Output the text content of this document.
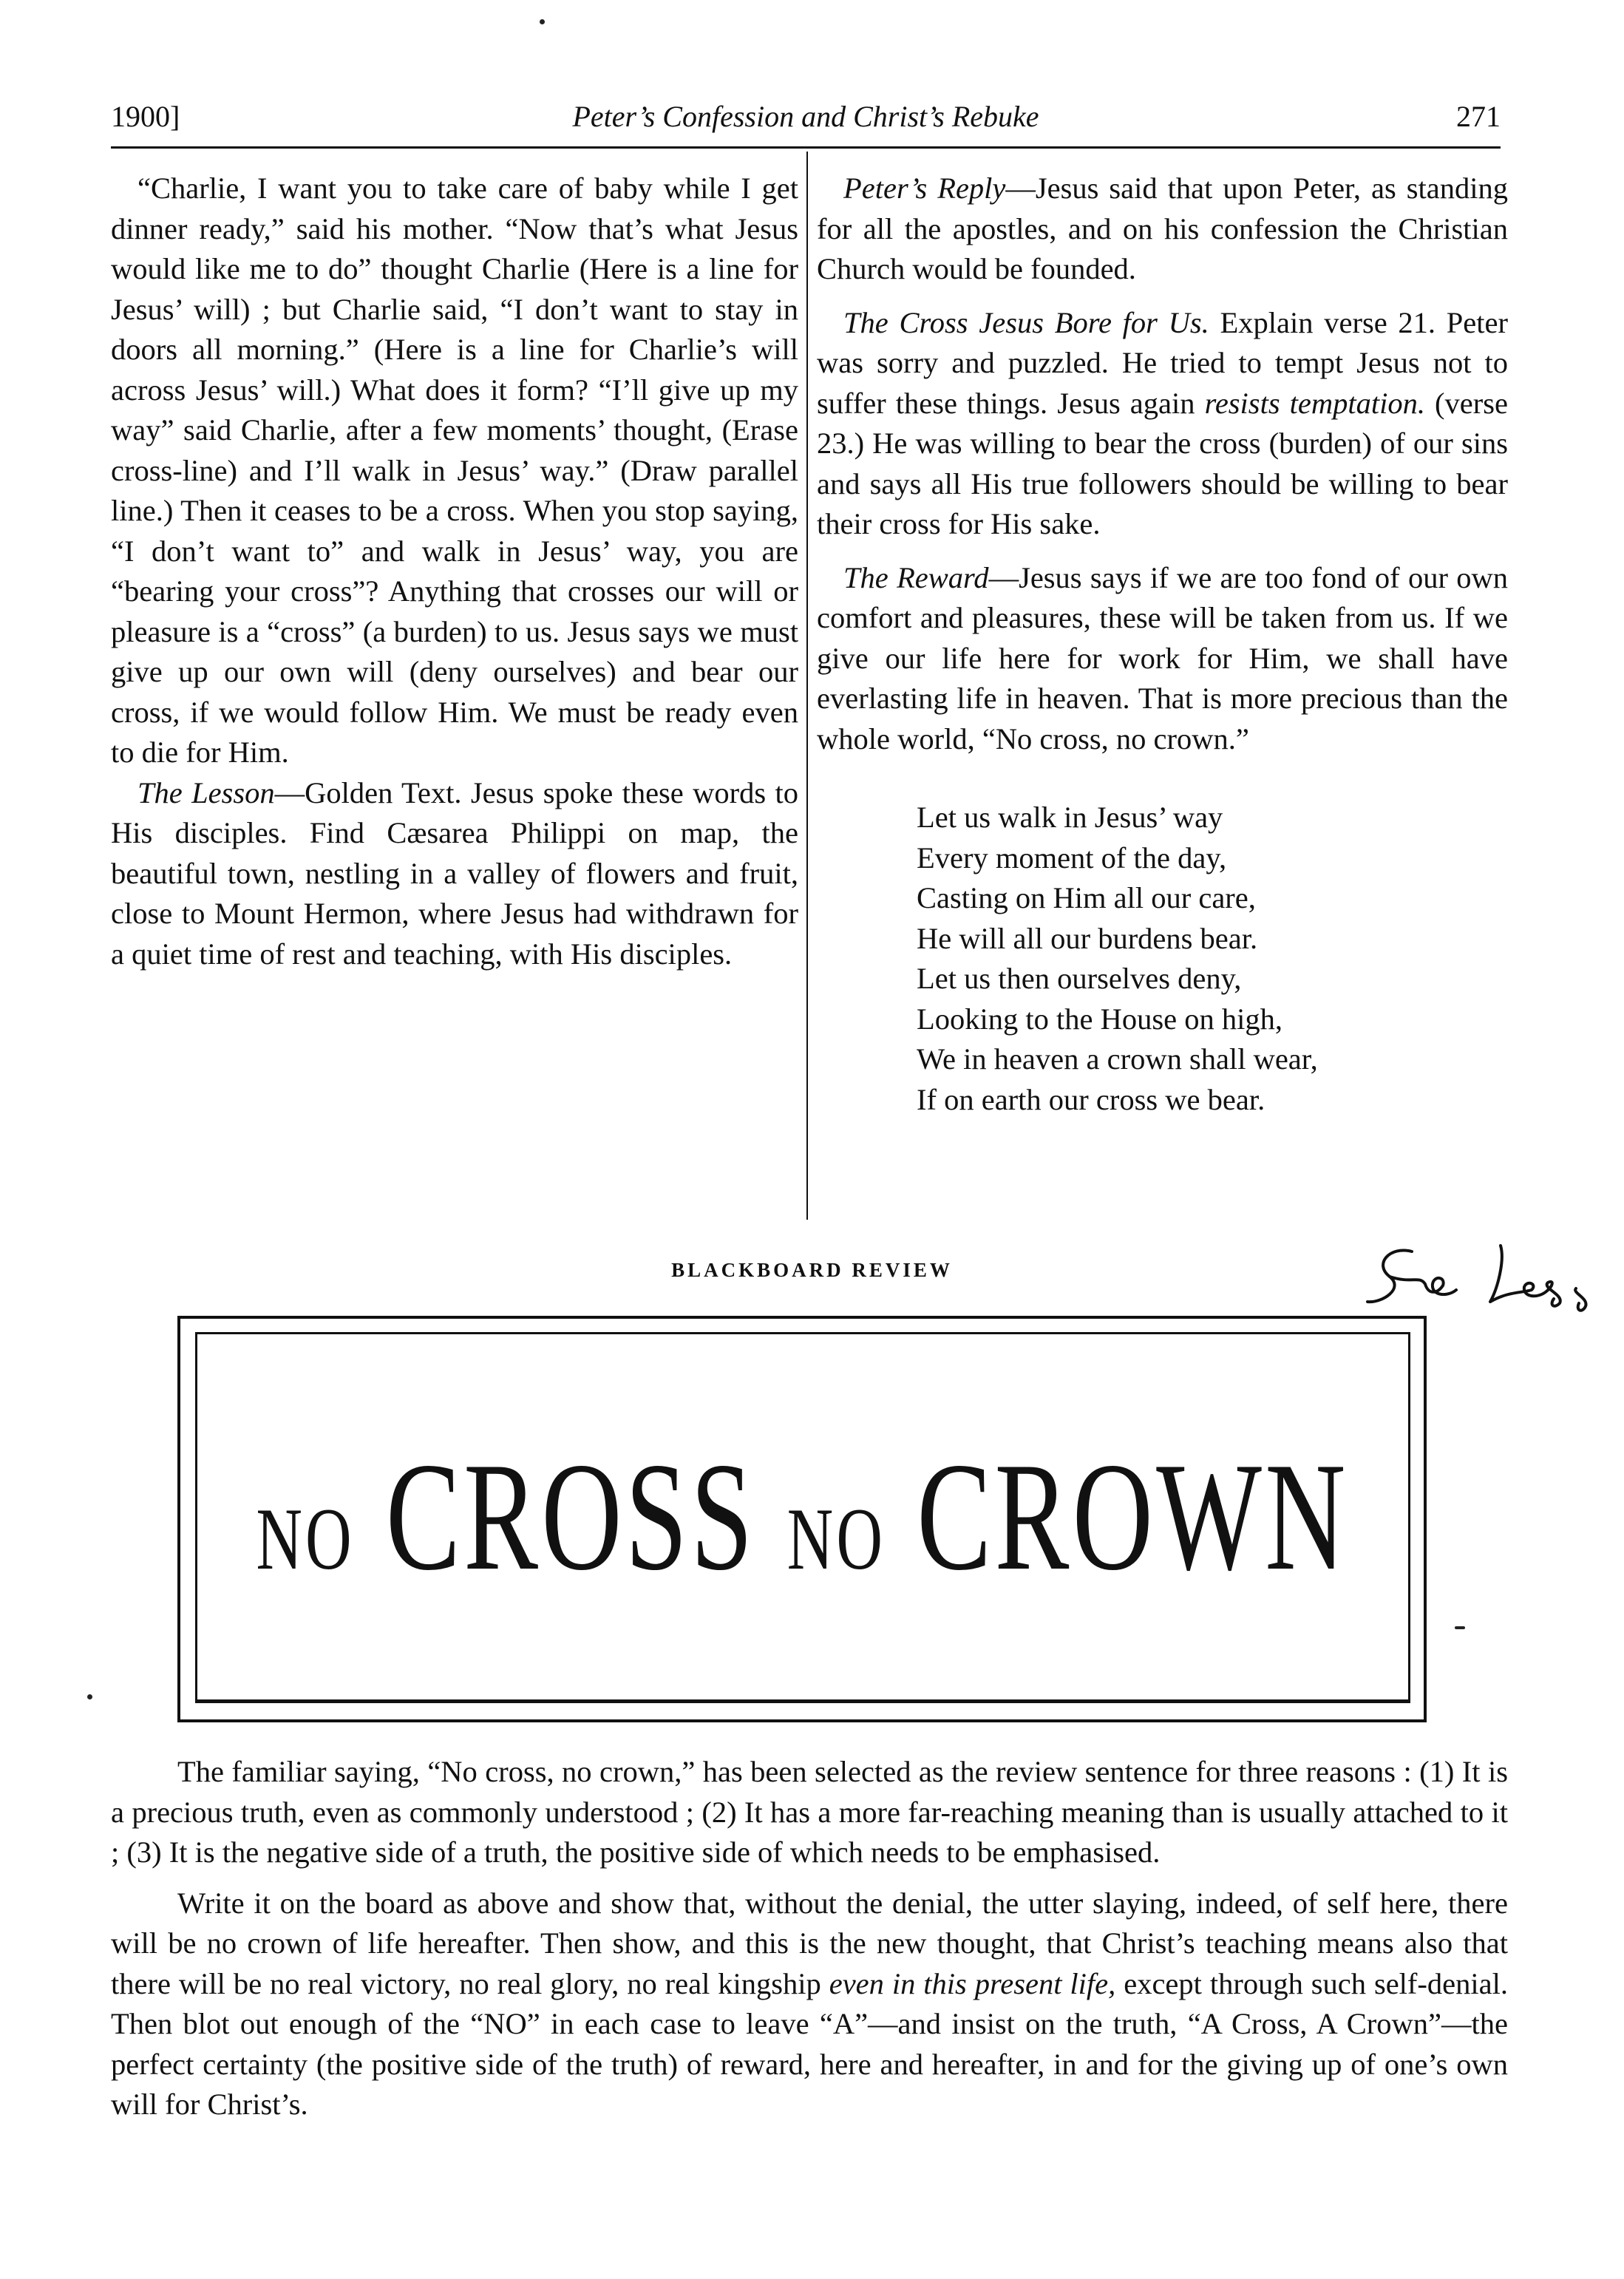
1900]	Peter’s Confession and Christ’s Rebuke	271

“Charlie, I want you to take care of baby while I get dinner ready,” said his mother. “Now that’s what Jesus would like me to do” thought Charlie (Here is a line for Jesus’ will) ; but Charlie said, “I don’t want to stay in doors all morning.” (Here is a line for Charlie’s will across Jesus’ will.) What does it form? “I’ll give up my way” said Charlie, after a few moments’ thought, (Erase cross-line) and I’ll walk in Jesus’ way.” (Draw parallel line.) Then it ceases to be a cross. When you stop saying, “I don’t want to” and walk in Jesus’ way, you are “bearing your cross”? Anything that crosses our will or pleasure is a “cross” (a burden) to us. Jesus says we must give up our own will (deny ourselves) and bear our cross, if we would follow Him. We must be ready even to die for Him.

The Lesson—Golden Text. Jesus spoke these words to His disciples. Find Cæsarea Philippi on map, the beautiful town, nestling in a valley of flowers and fruit, close to Mount Hermon, where Jesus had withdrawn for a quiet time of rest and teaching, with His disciples.

Peter’s Reply—Jesus said that upon Peter, as standing for all the apostles, and on his confession the Christian Church would be founded.

The Cross Jesus Bore for Us. Explain verse 21. Peter was sorry and puzzled. He tried to tempt Jesus not to suffer these things. Jesus again resists temptation. (verse 23.) He was willing to bear the cross (burden) of our sins and says all His true followers should be willing to bear their cross for His sake.

The Reward—Jesus says if we are too fond of our own comfort and pleasures, these will be taken from us. If we give our life here for work for Him, we shall have everlasting life in heaven. That is more precious than the whole world, “No cross, no crown.”

Let us walk in Jesus’ way
Every moment of the day,
Casting on Him all our care,
He will all our burdens bear.
Let us then ourselves deny,
Looking to the House on high,
We in heaven a crown shall wear,
If on earth our cross we bear.
BLACKBOARD REVIEW
NO CROSS NO CROWN

The familiar saying, “No cross, no crown,” has been selected as the review sentence for three reasons : (1) It is a precious truth, even as commonly understood ; (2) It has a more far-reaching meaning than is usually attached to it ; (3) It is the negative side of a truth, the positive side of which needs to be emphasised.

Write it on the board as above and show that, without the denial, the utter slaying, indeed, of self here, there will be no crown of life hereafter. Then show, and this is the new thought, that Christ’s teaching means also that there will be no real victory, no real glory, no real kingship even in this present life, except through such self-denial. Then blot out enough of the “NO” in each case to leave “A”—and insist on the truth, “A Cross, A Crown”—the perfect certainty (the positive side of the truth) of reward, here and hereafter, in and for the giving up of one’s own will for Christ’s.
